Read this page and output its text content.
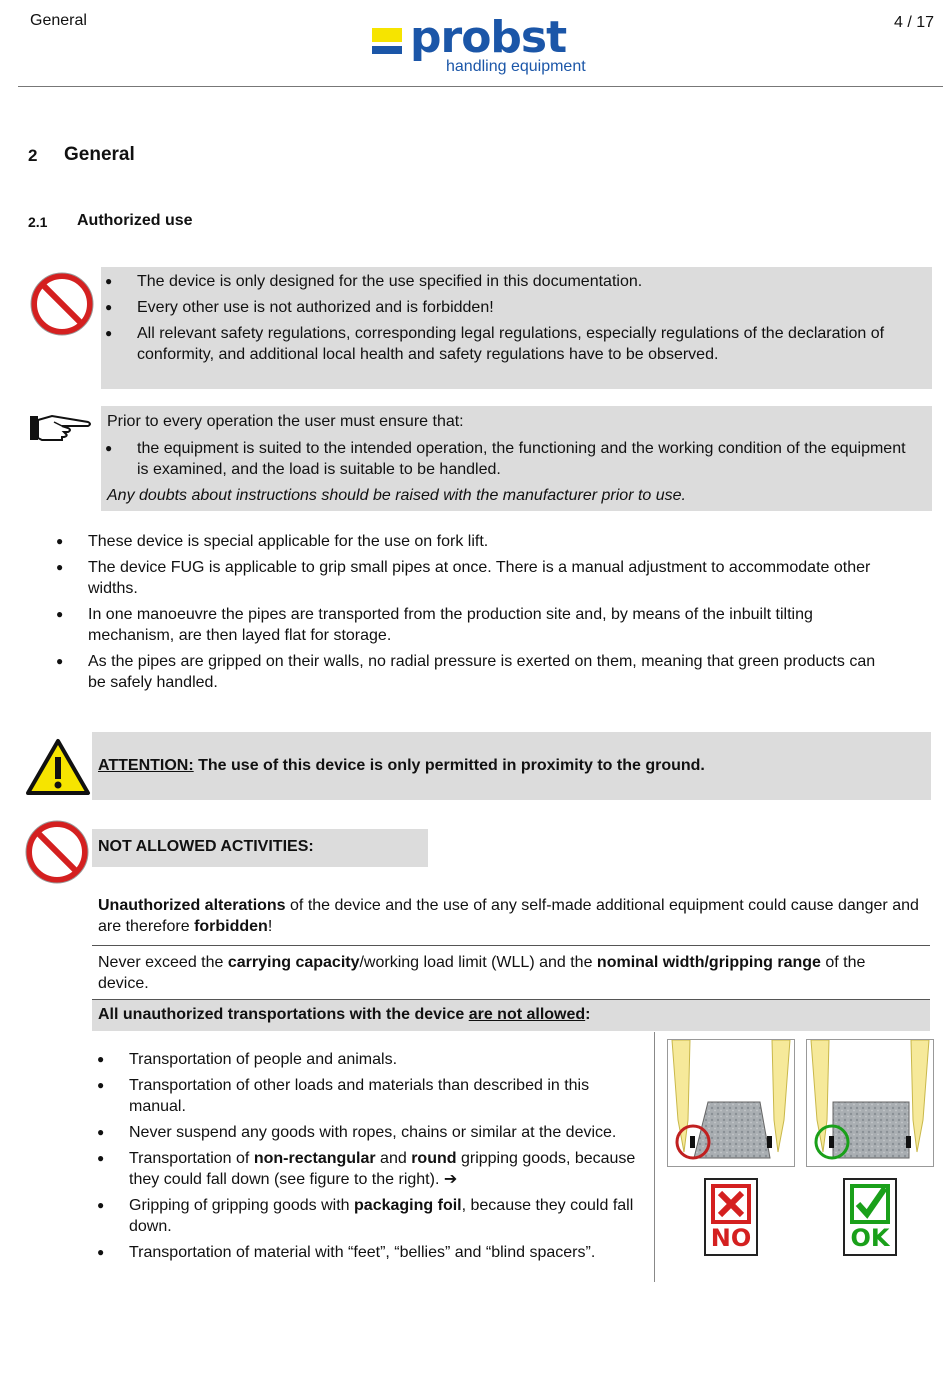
General	probst
handling equipment
4 / 17
2 General
2.1 Authorized use
● The device is only designed for the use specified in this documentation.
● Every other use is not authorized and is forbidden!
● All relevant safety regulations, corresponding legal regulations, especially regulations of the declaration of conformity, and additional local health and safety regulations have to be observed.
Prior to every operation the user must ensure that:
● the equipment is suited to the intended operation, the functioning and the working condition of the equipment is examined, and the load is suitable to be handled.
Any doubts about instructions should be raised with the manufacturer prior to use.
● These device is special applicable for the use on fork lift.
● The device FUG is applicable to grip small pipes at once. There is a manual adjustment to accommodate other widths.
● In one manoeuvre the pipes are transported from the production site and, by means of the inbuilt tilting mechanism, are then layed flat for storage.
● As the pipes are gripped on their walls, no radial pressure is exerted on them, meaning that green products can be safely handled.
ATTENTION: The use of this device is only permitted in proximity to the ground.
NOT ALLOWED ACTIVITIES:
Unauthorized alterations of the device and the use of any self-made additional equipment could cause danger and are therefore forbidden!
Never exceed the carrying capacity/working load limit (WLL) and the nominal width/gripping range of the device.
All unauthorized transportations with the device are not allowed:
● Transportation of people and animals.
● Transportation of other loads and materials than described in this manual.
● Never suspend any goods with ropes, chains or similar at the device.
● Transportation of non-rectangular and round gripping goods, because they could fall down (see figure to the right). ➔
● Gripping of gripping goods with packaging foil, because they could fall down.
● Transportation of material with “feet”, “bellies” and “blind spacers”.
NO	OK
